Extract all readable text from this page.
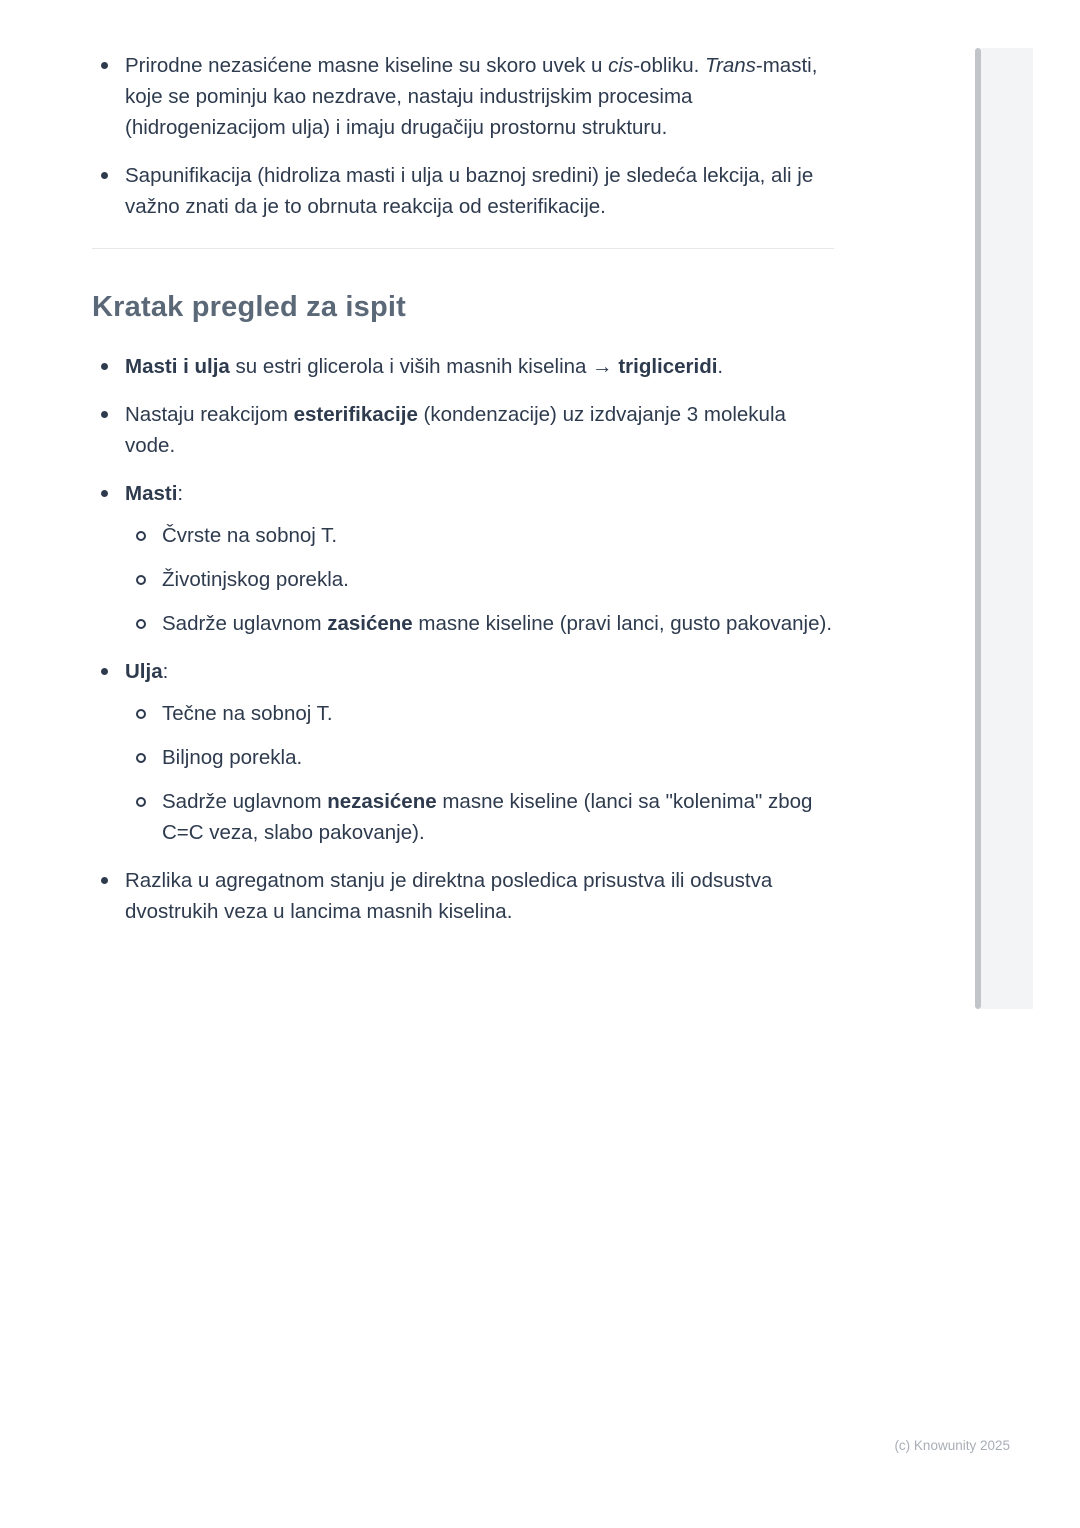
Prirodne nezasićene masne kiseline su skoro uvek u cis-obliku. Trans-masti, koje se pominju kao nezdrave, nastaju industrijskim procesima (hidrogenizacijom ulja) i imaju drugačiju prostornu strukturu.
Sapunifikacija (hidroliza masti i ulja u baznoj sredini) je sledeća lekcija, ali je važno znati da je to obrnuta reakcija od esterifikacije.
Kratak pregled za ispit
Masti i ulja su estri glicerola i viših masnih kiselina → trigliceridi.
Nastaju reakcijom esterifikacije (kondenzacije) uz izdvajanje 3 molekula vode.
Masti:
Čvrste na sobnoj T.
Životinjskog porekla.
Sadrže uglavnom zasićene masne kiseline (pravi lanci, gusto pakovanje).
Ulja:
Tečne na sobnoj T.
Biljnog porekla.
Sadrže uglavnom nezasićene masne kiseline (lanci sa "kolenima" zbog C=C veza, slabo pakovanje).
Razlika u agregatnom stanju je direktna posledica prisustva ili odsustva dvostrukih veza u lancima masnih kiselina.
(c) Knowunity 2025
